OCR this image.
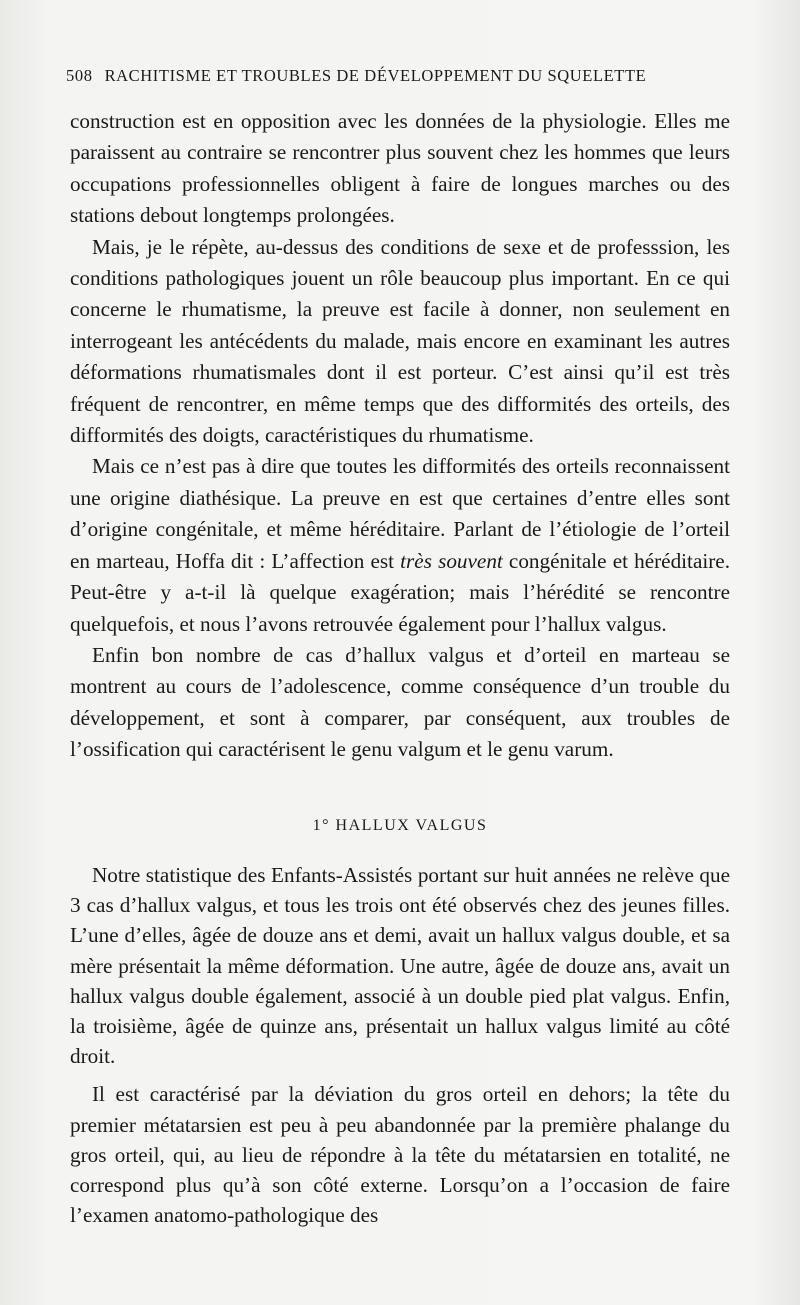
508 RACHITISME ET TROUBLES DE DÉVELOPPEMENT DU SQUELETTE

construction est en opposition avec les données de la physiologie. Elles me paraissent au contraire se rencontrer plus souvent chez les hommes que leurs occupations professionnelles obligent à faire de longues marches ou des stations debout longtemps prolongées.

Mais, je le répète, au-dessus des conditions de sexe et de professsion, les conditions pathologiques jouent un rôle beaucoup plus important. En ce qui concerne le rhumatisme, la preuve est facile à donner, non seulement en interrogeant les antécédents du malade, mais encore en examinant les autres déformations rhumatismales dont il est porteur. C’est ainsi qu’il est très fréquent de rencontrer, en même temps que des difformités des orteils, des difformités des doigts, caractéristiques du rhumatisme.

Mais ce n’est pas à dire que toutes les difformités des orteils reconnaissent une origine diathésique. La preuve en est que certaines d’entre elles sont d’origine congénitale, et même héréditaire. Parlant de l’étiologie de l’orteil en marteau, Hoffa dit : L’affection est très souvent congénitale et héréditaire. Peut-être y a-t-il là quelque exagération; mais l’hérédité se rencontre quelquefois, et nous l’avons retrouvée également pour l’hallux valgus.

Enfin bon nombre de cas d’hallux valgus et d’orteil en marteau se montrent au cours de l’adolescence, comme conséquence d’un trouble du développement, et sont à comparer, par conséquent, aux troubles de l’ossification qui caractérisent le genu valgum et le genu varum.

1° HALLUX VALGUS

Notre statistique des Enfants-Assistés portant sur huit années ne relève que 3 cas d’hallux valgus, et tous les trois ont été observés chez des jeunes filles. L’une d’elles, âgée de douze ans et demi, avait un hallux valgus double, et sa mère présentait la même déformation. Une autre, âgée de douze ans, avait un hallux valgus double également, associé à un double pied plat valgus. Enfin, la troisième, âgée de quinze ans, présentait un hallux valgus limité au côté droit.

Il est caractérisé par la déviation du gros orteil en dehors; la tête du premier métatarsien est peu à peu abandonnée par la première phalange du gros orteil, qui, au lieu de répondre à la tête du métatarsien en totalité, ne correspond plus qu’à son côté externe. Lorsqu’on a l’occasion de faire l’examen anatomo-pathologique des
